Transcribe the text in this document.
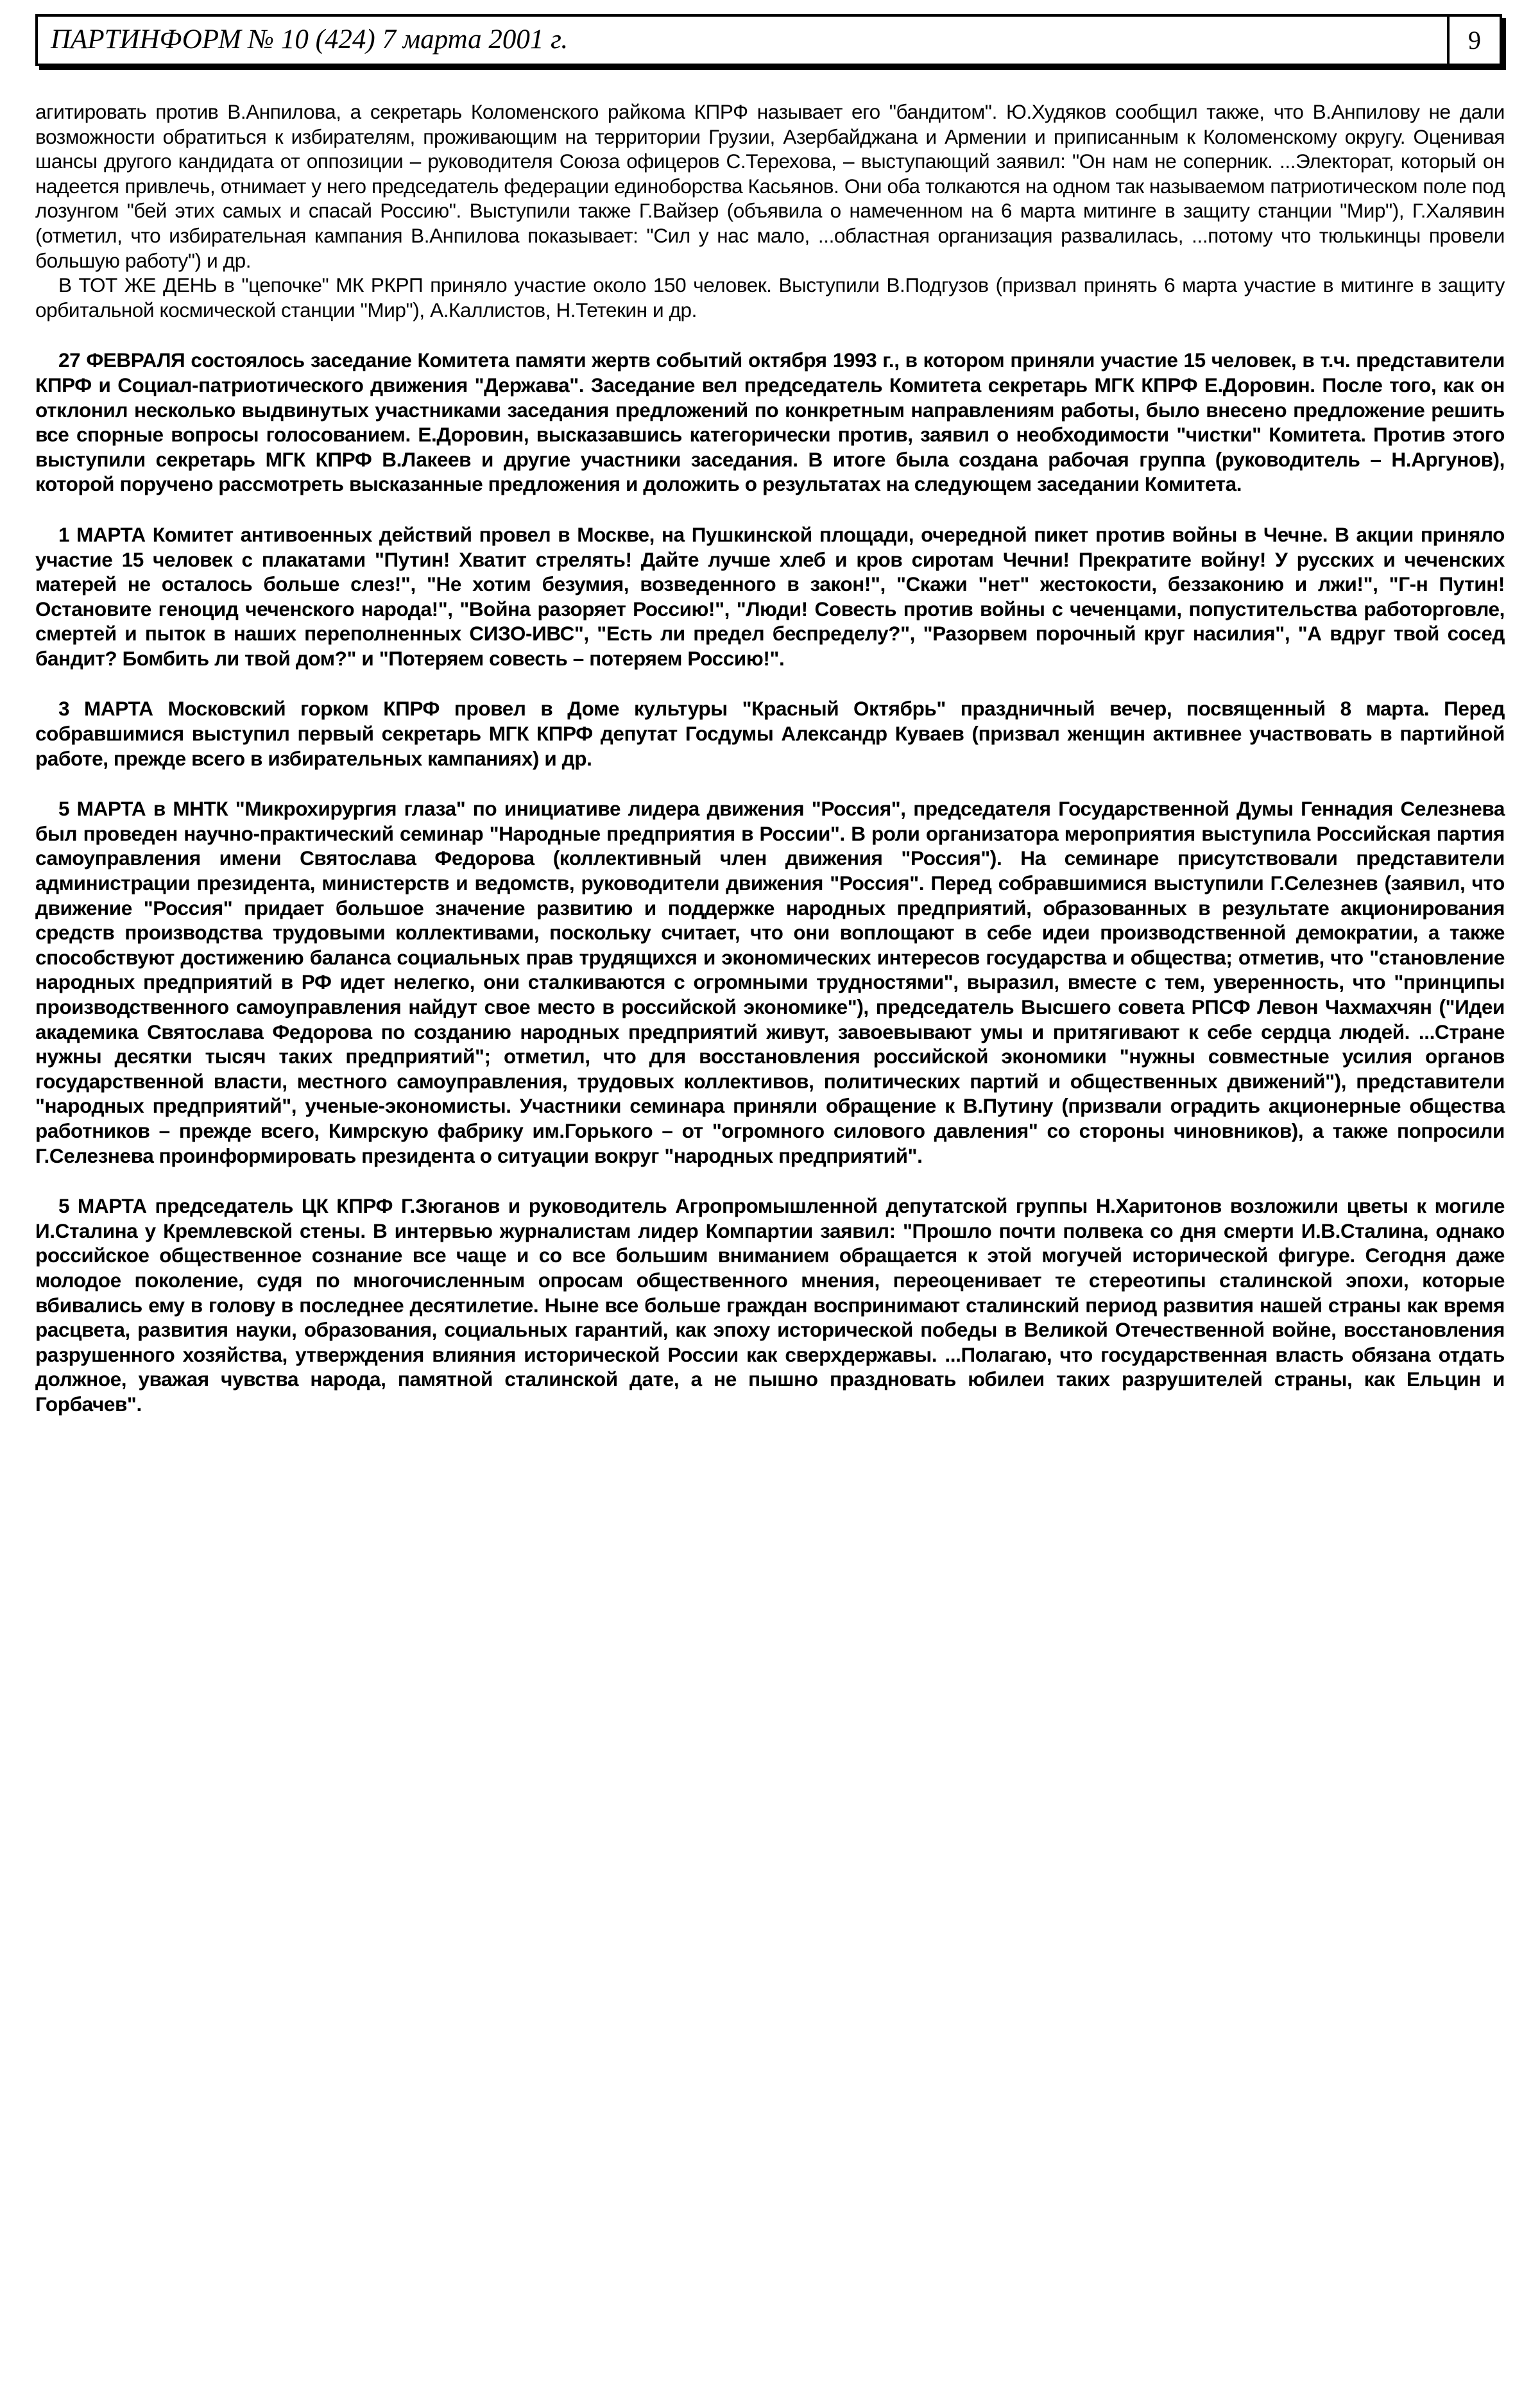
ПАРТИНФОРМ № 10 (424) 7 марта 2001 г.	9

агитировать против В.Анпилова, а секретарь Коломенского райкома КПРФ называет его "бандитом". Ю.Худяков сообщил также, что В.Анпилову не дали возможности обратиться к избирателям, проживающим на территории Грузии, Азербайджана и Армении и приписанным к Коломенскому округу. Оценивая шансы другого кандидата от оппозиции – руководителя Союза офицеров С.Терехова, – выступающий заявил: "Он нам не соперник. ...Электорат, который он надеется привлечь, отнимает у него председатель федерации единоборства Касьянов. Они оба толкаются на одном так называемом патриотическом поле под лозунгом "бей этих самых и спасай Россию". Выступили также Г.Вайзер (объявила о намеченном на 6 марта митинге в защиту станции "Мир"), Г.Халявин (отметил, что избирательная кампания В.Анпилова показывает: "Сил у нас мало, ...областная организация развалилась, ...потому что тюлькинцы провели большую работу") и др.

В ТОТ ЖЕ ДЕНЬ в "цепочке" МК РКРП приняло участие около 150 человек. Выступили В.Подгузов (призвал принять 6 марта участие в митинге в защиту орбитальной космической станции "Мир"), А.Каллистов, Н.Тетекин и др.

27 ФЕВРАЛЯ состоялось заседание Комитета памяти жертв событий октября 1993 г., в котором приняли участие 15 человек, в т.ч. представители КПРФ и Социал-патриотического движения "Держава". Заседание вел председатель Комитета секретарь МГК КПРФ Е.Доровин. После того, как он отклонил несколько выдвинутых участниками заседания предложений по конкретным направлениям работы, было внесено предложение решить все спорные вопросы голосованием. Е.Доровин, высказавшись категорически против, заявил о необходимости "чистки" Комитета. Против этого выступили секретарь МГК КПРФ В.Лакеев и другие участники заседания. В итоге была создана рабочая группа (руководитель – Н.Аргунов), которой поручено рассмотреть высказанные предложения и доложить о результатах на следующем заседании Комитета.

1 МАРТА Комитет антивоенных действий провел в Москве, на Пушкинской площади, очередной пикет против войны в Чечне. В акции приняло участие 15 человек с плакатами "Путин! Хватит стрелять! Дайте лучше хлеб и кров сиротам Чечни! Прекратите войну! У русских и чеченских матерей не осталось больше слез!", "Не хотим безумия, возведенного в закон!", "Скажи "нет" жестокости, беззаконию и лжи!", "Г-н Путин! Остановите геноцид чеченского народа!", "Война разоряет Россию!", "Люди! Совесть против войны с чеченцами, попустительства работорговле, смертей и пыток в наших переполненных СИЗО-ИВС", "Есть ли предел беспределу?", "Разорвем порочный круг насилия", "А вдруг твой сосед бандит? Бомбить ли твой дом?" и "Потеряем совесть – потеряем Россию!".

3 МАРТА Московский горком КПРФ провел в Доме культуры "Красный Октябрь" праздничный вечер, посвященный 8 марта. Перед собравшимися выступил первый секретарь МГК КПРФ депутат Госдумы Александр Куваев (призвал женщин активнее участвовать в партийной работе, прежде всего в избирательных кампаниях) и др.

5 МАРТА в МНТК "Микрохирургия глаза" по инициативе лидера движения "Россия", председателя Государственной Думы Геннадия Селезнева был проведен научно-практический семинар "Народные предприятия в России". В роли организатора мероприятия выступила Российская партия самоуправления имени Святослава Федорова (коллективный член движения "Россия"). На семинаре присутствовали представители администрации президента, министерств и ведомств, руководители движения "Россия". Перед собравшимися выступили Г.Селезнев (заявил, что движение "Россия" придает большое значение развитию и поддержке народных предприятий, образованных в результате акционирования средств производства трудовыми коллективами, поскольку считает, что они воплощают в себе идеи производственной демократии, а также способствуют достижению баланса социальных прав трудящихся и экономических интересов государства и общества; отметив, что "становление народных предприятий в РФ идет нелегко, они сталкиваются с огромными трудностями", выразил, вместе с тем, уверенность, что "принципы производственного самоуправления найдут свое место в российской экономике"), председатель Высшего совета РПСФ Левон Чахмахчян ("Идеи академика Святослава Федорова по созданию народных предприятий живут, завоевывают умы и притягивают к себе сердца людей. ...Стране нужны десятки тысяч таких предприятий"; отметил, что для восстановления российской экономики "нужны совместные усилия органов государственной власти, местного самоуправления, трудовых коллективов, политических партий и общественных движений"), представители "народных предприятий", ученые-экономисты. Участники семинара приняли обращение к В.Путину (призвали оградить акционерные общества работников – прежде всего, Кимрскую фабрику им.Горького – от "огромного силового давления" со стороны чиновников), а также попросили Г.Селезнева проинформировать президента о ситуации вокруг "народных предприятий".

5 МАРТА председатель ЦК КПРФ Г.Зюганов и руководитель Агропромышленной депутатской группы Н.Харитонов возложили цветы к могиле И.Сталина у Кремлевской стены. В интервью журналистам лидер Компартии заявил: "Прошло почти полвека со дня смерти И.В.Сталина, однако российское общественное сознание все чаще и со все большим вниманием обращается к этой могучей исторической фигуре. Сегодня даже молодое поколение, судя по многочисленным опросам общественного мнения, переоценивает те стереотипы сталинской эпохи, которые вбивались ему в голову в последнее десятилетие. Ныне все больше граждан воспринимают сталинский период развития нашей страны как время расцвета, развития науки, образования, социальных гарантий, как эпоху исторической победы в Великой Отечественной войне, восстановления разрушенного хозяйства, утверждения влияния исторической России как сверхдержавы. ...Полагаю, что государственная власть обязана отдать должное, уважая чувства народа, памятной сталинской дате, а не пышно праздновать юбилеи таких разрушителей страны, как Ельцин и Горбачев".
